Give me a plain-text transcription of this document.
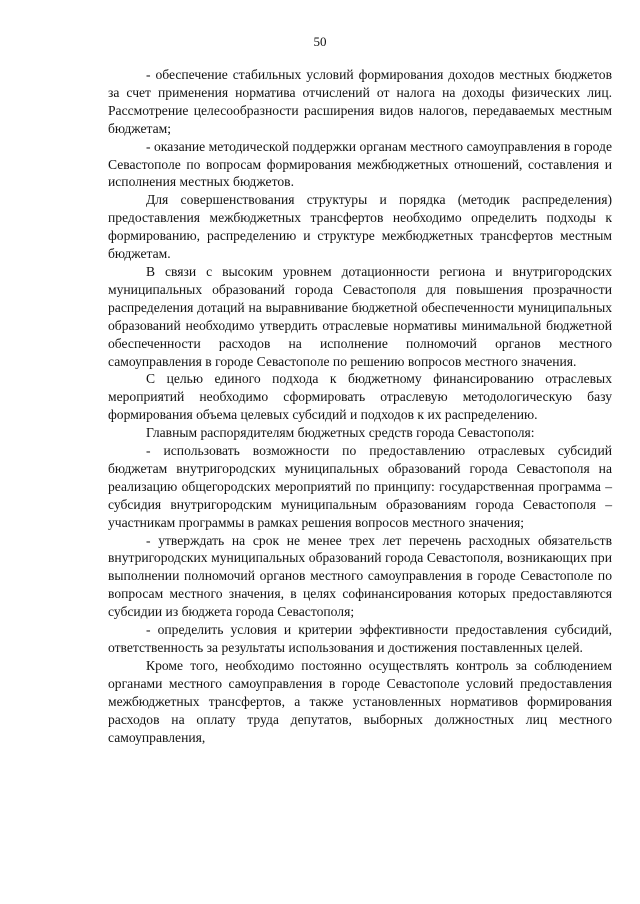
50

- обеспечение стабильных условий формирования доходов местных бюджетов за счет применения норматива отчислений от налога на доходы физических лиц. Рассмотрение целесообразности расширения видов налогов, передаваемых местным бюджетам;

- оказание методической поддержки органам местного самоуправления в городе Севастополе по вопросам формирования межбюджетных отношений, составления и исполнения местных бюджетов.

Для совершенствования структуры и порядка (методик распределения) предоставления межбюджетных трансфертов необходимо определить подходы к формированию, распределению и структуре межбюджетных трансфертов местным бюджетам.

В связи с высоким уровнем дотационности региона и внутригородских муниципальных образований города Севастополя для повышения прозрачности распределения дотаций на выравнивание бюджетной обеспеченности муниципальных образований необходимо утвердить отраслевые нормативы минимальной бюджетной обеспеченности расходов на исполнение полномочий органов местного самоуправления в городе Севастополе по решению вопросов местного значения.

С целью единого подхода к бюджетному финансированию отраслевых мероприятий необходимо сформировать отраслевую методологическую базу формирования объема целевых субсидий и подходов к их распределению.

Главным распорядителям бюджетных средств города Севастополя:

- использовать возможности по предоставлению отраслевых субсидий бюджетам внутригородских муниципальных образований города Севастополя на реализацию общегородских мероприятий по принципу: государственная программа – субсидия внутригородским муниципальным образованиям города Севастополя – участникам программы в рамках решения вопросов местного значения;

- утверждать на срок не менее трех лет перечень расходных обязательств внутригородских муниципальных образований города Севастополя, возникающих при выполнении полномочий органов местного самоуправления в городе Севастополе по вопросам местного значения, в целях софинансирования которых предоставляются субсидии из бюджета города Севастополя;

- определить условия и критерии эффективности предоставления субсидий, ответственность за результаты использования и достижения поставленных целей.

Кроме того, необходимо постоянно осуществлять контроль за соблюдением органами местного самоуправления в городе Севастополе условий предоставления межбюджетных трансфертов, а также установленных нормативов формирования расходов на оплату труда депутатов, выборных должностных лиц местного самоуправления,
